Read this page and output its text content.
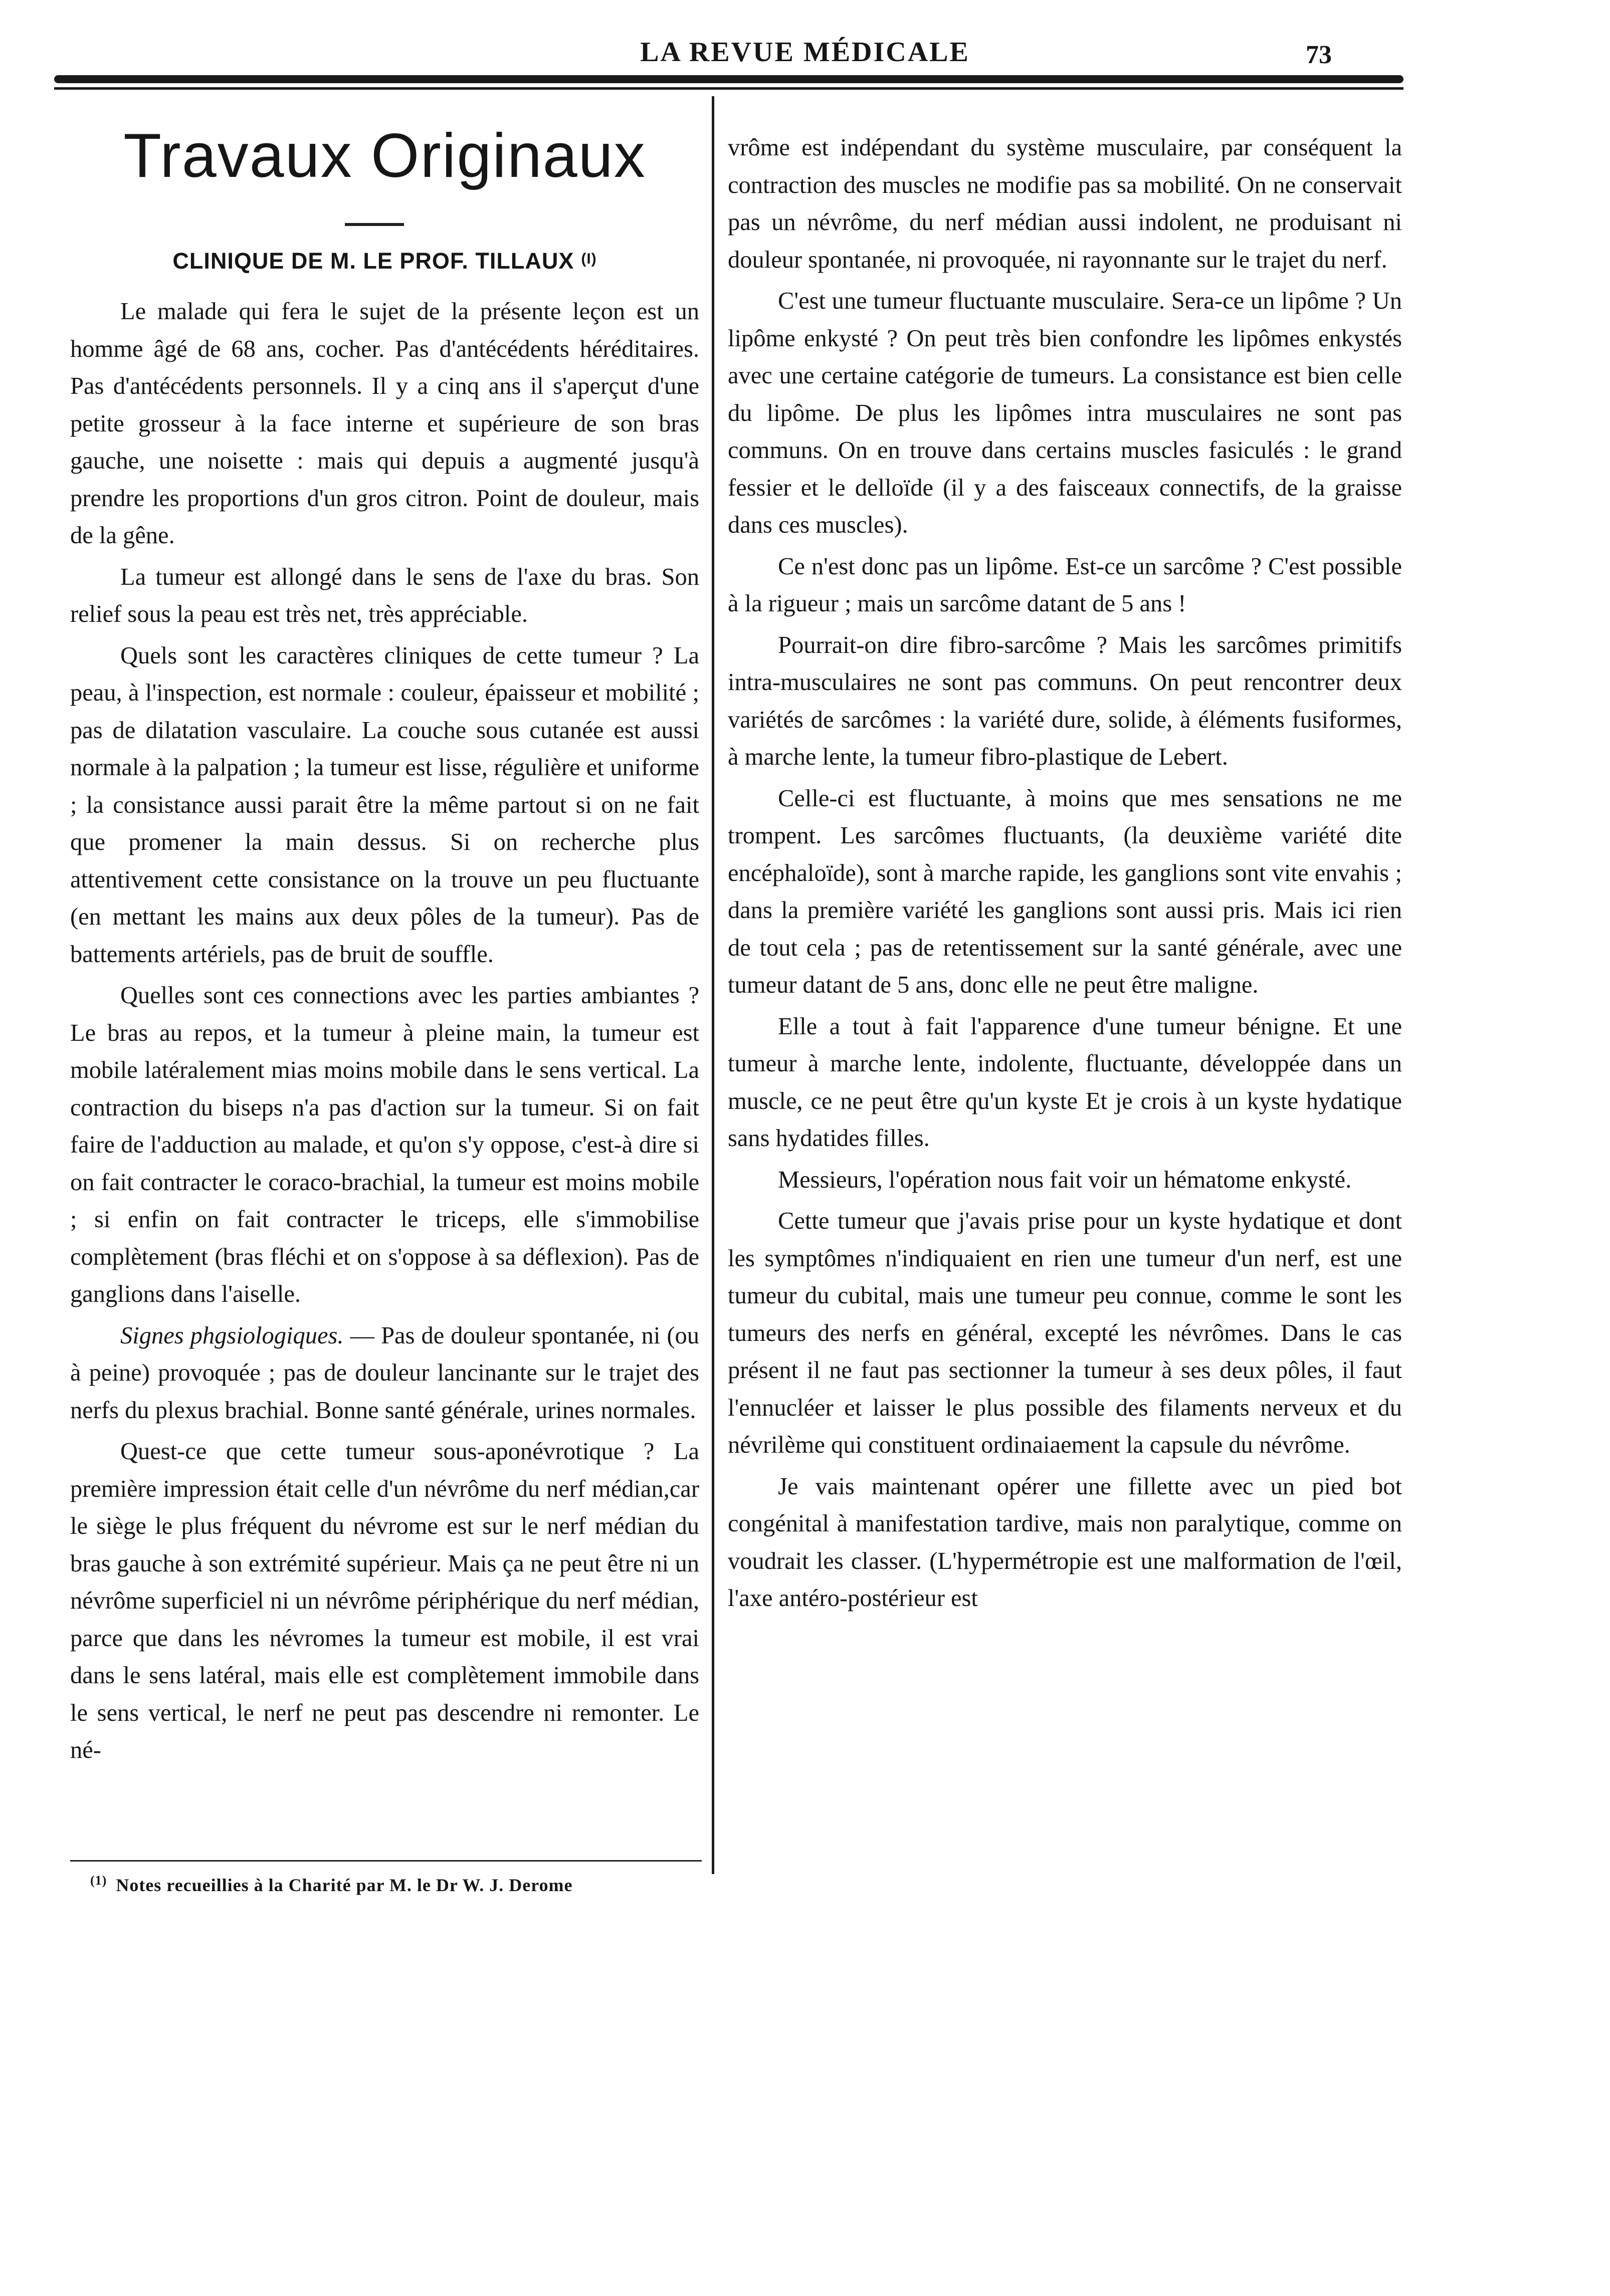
LA REVUE MÉDICALE	73
Travaux Originaux
CLINIQUE DE M. LE PROF. TILLAUX $^{(I)}$

Le malade qui fera le sujet de la présente leçon est un homme âgé de 68 ans, cocher. Pas d'antécédents héréditaires. Pas d'antécédents personnels. Il y a cinq ans il s'aperçut d'une petite grosseur à la face interne et supérieure de son bras gauche, une noisette : mais qui depuis a augmenté jusqu'à prendre les proportions d'un gros citron. Point de douleur, mais de la gêne.

La tumeur est allongé dans le sens de l'axe du bras. Son relief sous la peau est très net, très appréciable.

Quels sont les caractères cliniques de cette tumeur ? La peau, à l'inspection, est normale : couleur, épaisseur et mobilité ; pas de dilatation vasculaire. La couche sous cutanée est aussi normale à la palpation ; la tumeur est lisse, régulière et uniforme ; la consistance aussi parait être la même partout si on ne fait que promener la main dessus. Si on recherche plus attentivement cette consistance on la trouve un peu fluctuante (en mettant les mains aux deux pôles de la tumeur). Pas de battements artériels, pas de bruit de souffle.

Quelles sont ces connections avec les parties ambiantes ? Le bras au repos, et la tumeur à pleine main, la tumeur est mobile latéralement mias moins mobile dans le sens vertical. La contraction du biseps n'a pas d'action sur la tumeur. Si on fait faire de l'adduction au malade, et qu'on s'y oppose, c'est-à dire si on fait contracter le coraco-brachial, la tumeur est moins mobile ; si enfin on fait contracter le triceps, elle s'immobilise complètement (bras fléchi et on s'oppose à sa déflexion). Pas de ganglions dans l'aiselle.

Signes phgsiologiques. — Pas de douleur spontanée, ni (ou à peine) provoquée ; pas de douleur lancinante sur le trajet des nerfs du plexus brachial. Bonne santé générale, urines normales.

Quest-ce que cette tumeur sous-aponévrotique ? La première impression était celle d'un névrôme du nerf médian,car le siège le plus fréquent du névrome est sur le nerf médian du bras gauche à son extrémité supérieur. Mais ça ne peut être ni un névrôme superficiel ni un névrôme périphérique du nerf médian, parce que dans les névromes la tumeur est mobile, il est vrai dans le sens latéral, mais elle est complètement immobile dans le sens vertical, le nerf ne peut pas descendre ni remonter. Le né-

$^{(1)}$ Notes recueillies à la Charité par M. le Dr W. J. Derome

vrôme est indépendant du système musculaire, par conséquent la contraction des muscles ne modifie pas sa mobilité. On ne conservait pas un névrôme, du nerf médian aussi indolent, ne produisant ni douleur spontanée, ni provoquée, ni rayonnante sur le trajet du nerf.

C'est une tumeur fluctuante musculaire. Sera-ce un lipôme ? Un lipôme enkysté ? On peut très bien confondre les lipômes enkystés avec une certaine catégorie de tumeurs. La consistance est bien celle du lipôme. De plus les lipômes intra musculaires ne sont pas communs. On en trouve dans certains muscles fasiculés : le grand fessier et le delloïde (il y a des faisceaux connectifs, de la graisse dans ces muscles).

Ce n'est donc pas un lipôme. Est-ce un sarcôme ? C'est possible à la rigueur ; mais un sarcôme datant de 5 ans !

Pourrait-on dire fibro-sarcôme ? Mais les sarcômes primitifs intra-musculaires ne sont pas communs. On peut rencontrer deux variétés de sarcômes : la variété dure, solide, à éléments fusiformes, à marche lente, la tumeur fibro-plastique de Lebert.

Celle-ci est fluctuante, à moins que mes sensations ne me trompent. Les sarcômes fluctuants, (la deuxième variété dite encéphaloïde), sont à marche rapide, les ganglions sont vite envahis ; dans la première variété les ganglions sont aussi pris. Mais ici rien de tout cela ; pas de retentissement sur la santé générale, avec une tumeur datant de 5 ans, donc elle ne peut être maligne.

Elle a tout à fait l'apparence d'une tumeur bénigne. Et une tumeur à marche lente, indolente, fluctuante, développée dans un muscle, ce ne peut être qu'un kyste Et je crois à un kyste hydatique sans hydatides filles.

Messieurs, l'opération nous fait voir un hématome enkysté.

Cette tumeur que j'avais prise pour un kyste hydatique et dont les symptômes n'indiquaient en rien une tumeur d'un nerf, est une tumeur du cubital, mais une tumeur peu connue, comme le sont les tumeurs des nerfs en général, excepté les névrômes. Dans le cas présent il ne faut pas sectionner la tumeur à ses deux pôles, il faut l'ennucléer et laisser le plus possible des filaments nerveux et du névrilème qui constituent ordinaiaement la capsule du névrôme.

Je vais maintenant opérer une fillette avec un pied bot congénital à manifestation tardive, mais non paralytique, comme on voudrait les classer. (L'hypermétropie est une malformation de l'œil, l'axe antéro-postérieur est
